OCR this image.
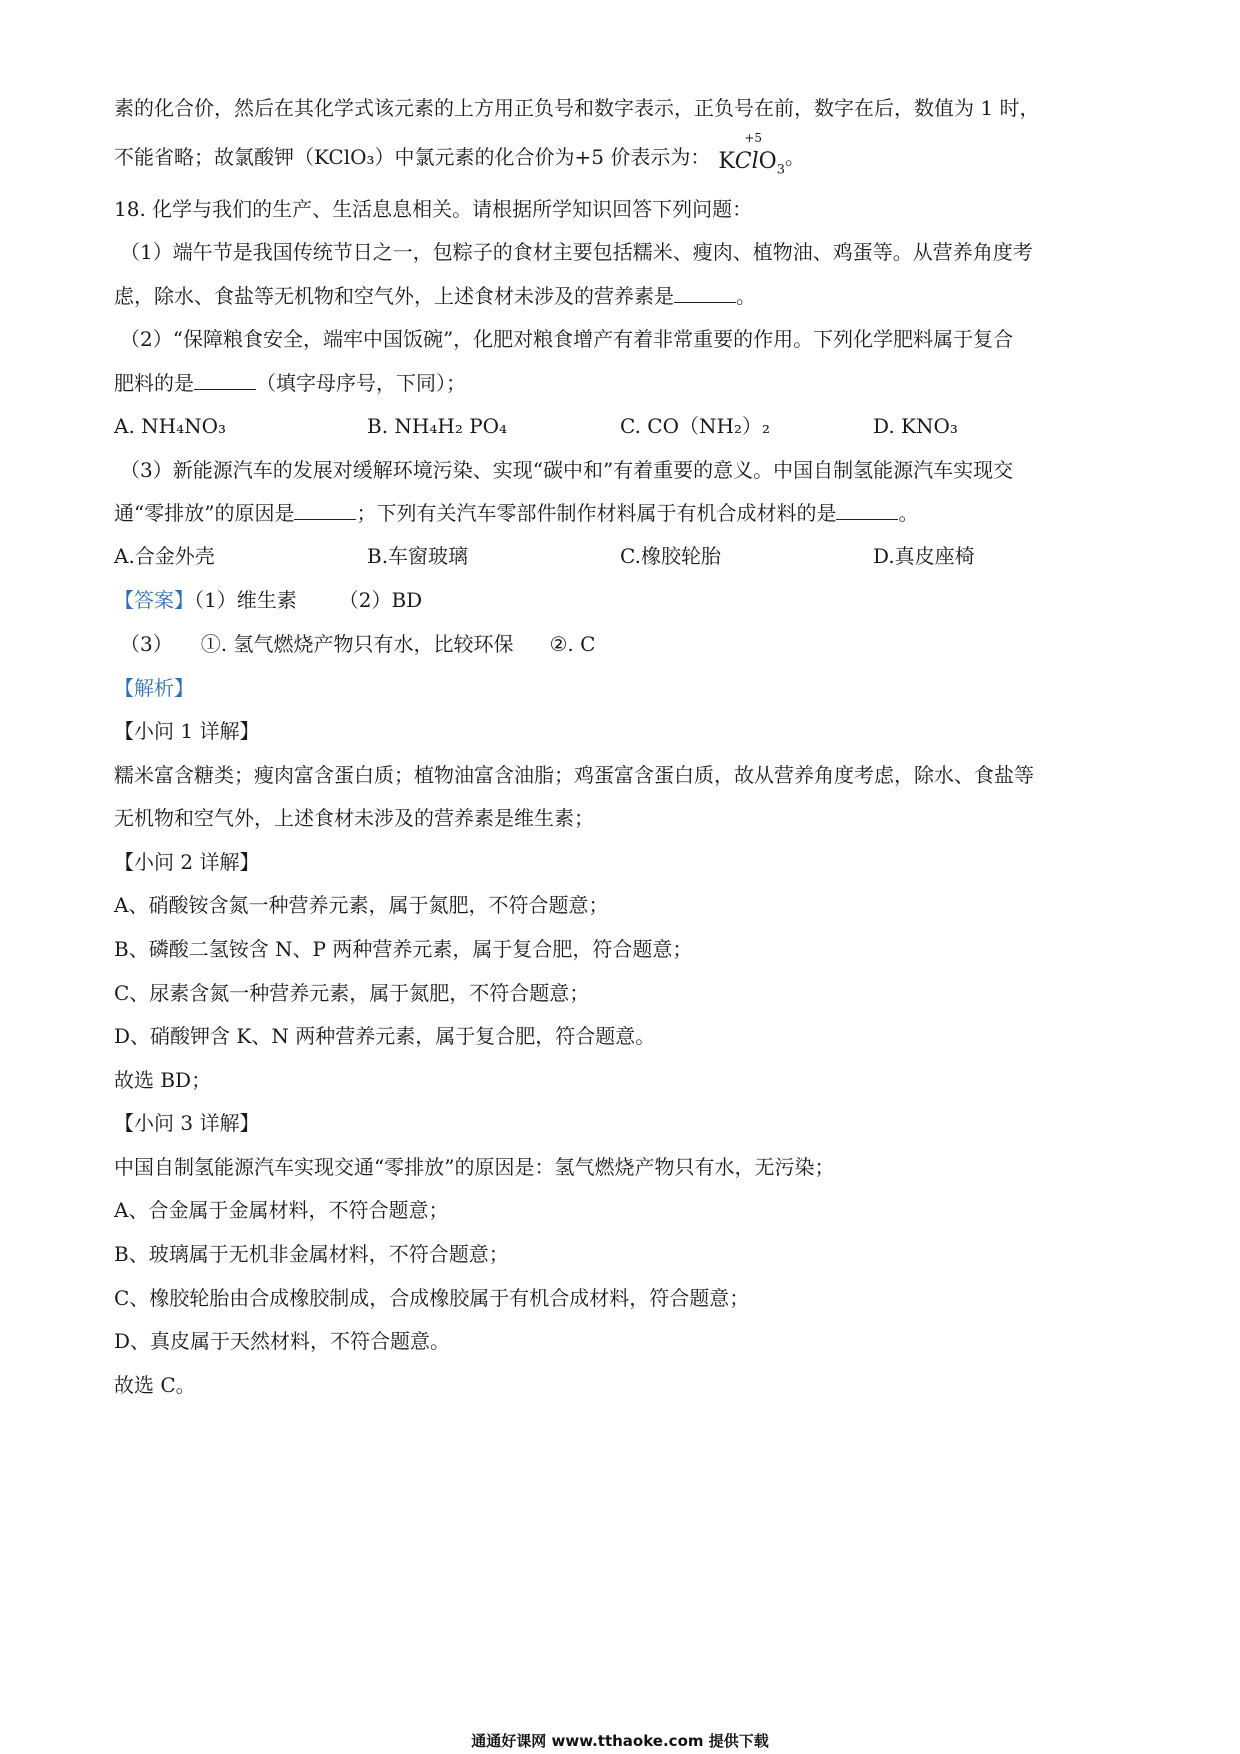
素的化合价，然后在其化学式该元素的上方用正负号和数字表示，正负号在前，数字在后，数值为 1 时，
不能省略；故氯酸钾（KClO₃）中氯元素的化合价为+5 价表示为： K
+5
ClO$_3$。
18. 化学与我们的生产、生活息息相关。请根据所学知识回答下列问题：
（1）端午节是我国传统节日之一，包粽子的食材主要包括糯米、瘦肉、植物油、鸡蛋等。从营养角度考
虑，除水、食盐等无机物和空气外，上述食材未涉及的营养素是	。
（2）“保障粮食安全，端牢中国饭碗”，化肥对粮食增产有着非常重要的作用。下列化学肥料属于复合
肥料的是	（填字母序号，下同）；
A. NH₄NO₃	B. NH₄H₂ PO₄	C. CO（NH₂）₂	D. KNO₃
（3）新能源汽车的发展对缓解环境污染、实现“碳中和”有着重要的意义。中国自制氢能源汽车实现交
通“零排放”的原因是	；下列有关汽车零部件制作材料属于有机合成材料的是	。
A.合金外壳	B.车窗玻璃	C.橡胶轮胎	D.真皮座椅
【答案】（1）维生素 （2）BD
（3） ①. 氢气燃烧产物只有水，比较环保 ②. C
【解析】
【小问 1 详解】
糯米富含糖类；瘦肉富含蛋白质；植物油富含油脂；鸡蛋富含蛋白质，故从营养角度考虑，除水、食盐等
无机物和空气外，上述食材未涉及的营养素是维生素；
【小问 2 详解】
A、硝酸铵含氮一种营养元素，属于氮肥，不符合题意；
B、磷酸二氢铵含 N、P 两种营养元素，属于复合肥，符合题意；
C、尿素含氮一种营养元素，属于氮肥，不符合题意；
D、硝酸钾含 K、N 两种营养元素，属于复合肥，符合题意。
故选 BD；
【小问 3 详解】
中国自制氢能源汽车实现交通“零排放”的原因是：氢气燃烧产物只有水，无污染；
A、合金属于金属材料，不符合题意；
B、玻璃属于无机非金属材料，不符合题意；
C、橡胶轮胎由合成橡胶制成，合成橡胶属于有机合成材料，符合题意；
D、真皮属于天然材料，不符合题意。
故选 C。
通通好课网 www.tthaoke.com 提供下载
